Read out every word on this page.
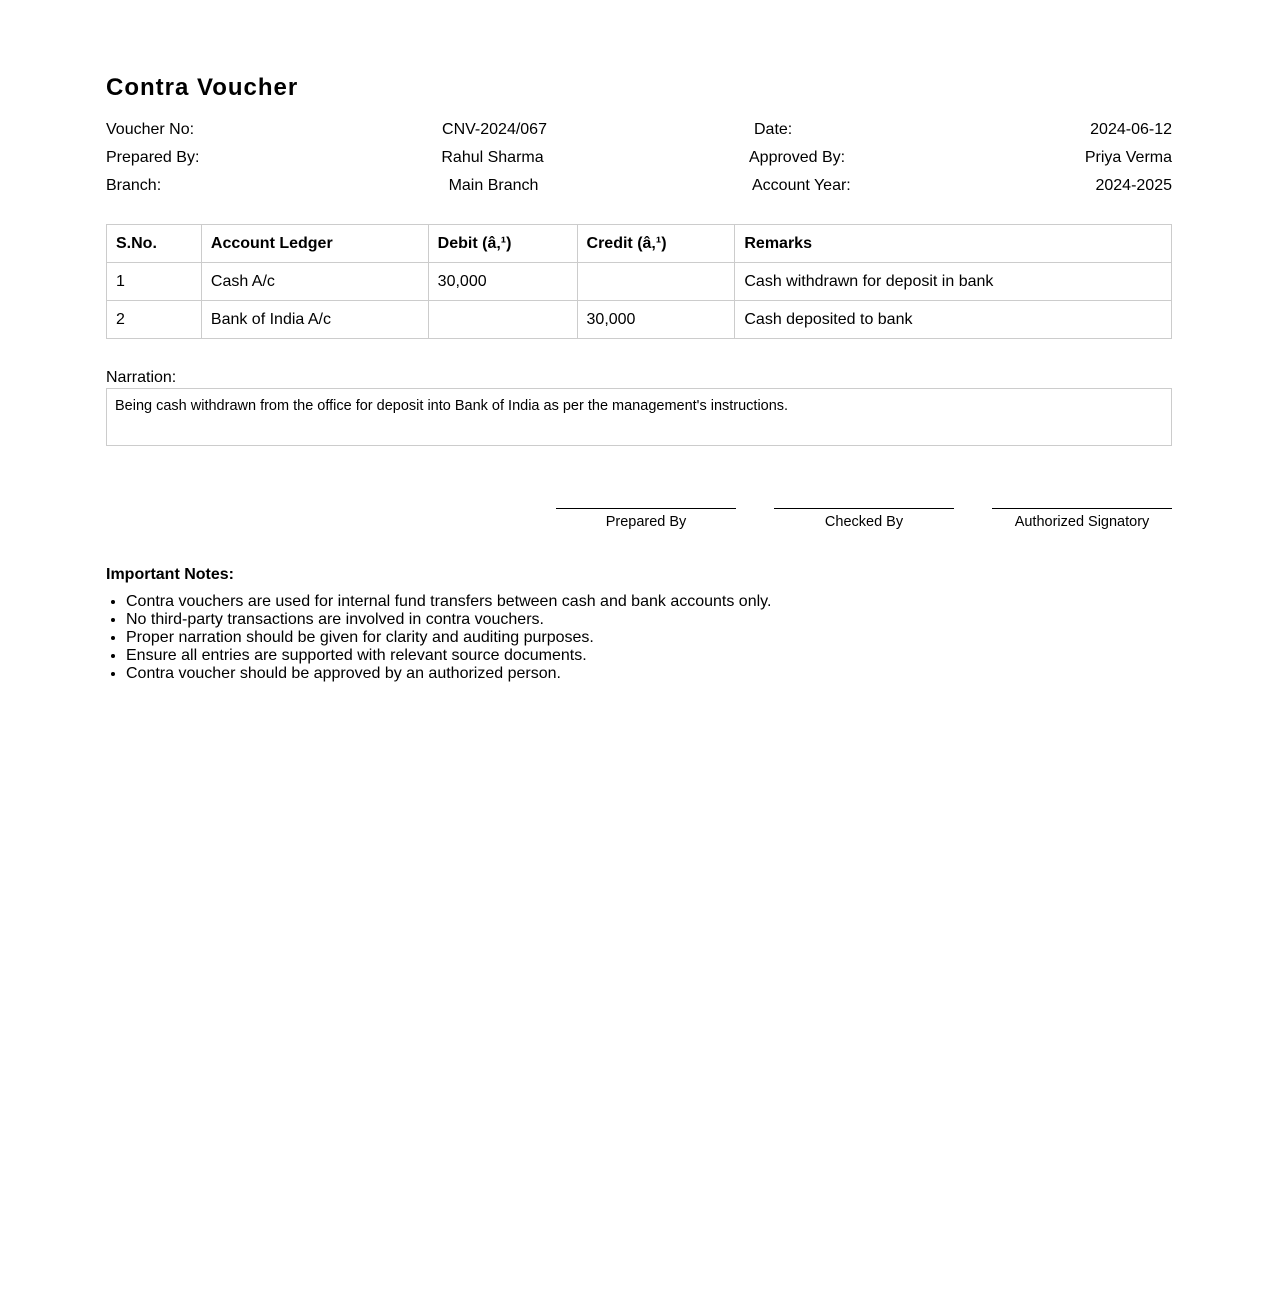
Contra Voucher
Voucher No:	CNV-2024/067	Date:	2024-06-12
Prepared By:	Rahul Sharma	Approved By:	Priya Verma
Branch:	Main Branch	Account Year:	2024-2025
S.No.	Account Ledger	Debit (â‚¹)	Credit (â‚¹)	Remarks
1	Cash A/c	30,000		Cash withdrawn for deposit in bank
2	Bank of India A/c		30,000	Cash deposited to bank
Narration:
Being cash withdrawn from the office for deposit into Bank of India as per the management's instructions.
Prepared By	Checked By	Authorized Signatory
Important Notes:
• Contra vouchers are used for internal fund transfers between cash and bank accounts only.
• No third-party transactions are involved in contra vouchers.
• Proper narration should be given for clarity and auditing purposes.
• Ensure all entries are supported with relevant source documents.
• Contra voucher should be approved by an authorized person.
